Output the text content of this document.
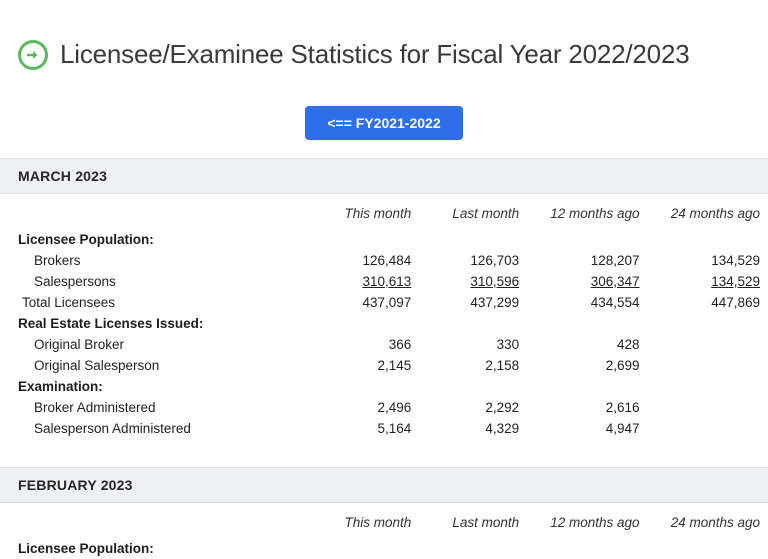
Licensee/Examinee Statistics for Fiscal Year 2022/2023
<== FY2021-2022
MARCH 2023
	This month	Last month	12 months ago	24 months ago
Licensee Population:				
Brokers	126,484	126,703	128,207	134,529
Salespersons	310,613	310,596	306,347	134,529
Total Licensees	437,097	437,299	434,554	447,869
Real Estate Licenses Issued:				
Original Broker	366	330	428	
Original Salesperson	2,145	2,158	2,699	
Examination:				
Broker Administered	2,496	2,292	2,616	
Salesperson Administered	5,164	4,329	4,947	

FEBRUARY 2023
	This month	Last month	12 months ago	24 months ago
Licensee Population:				
